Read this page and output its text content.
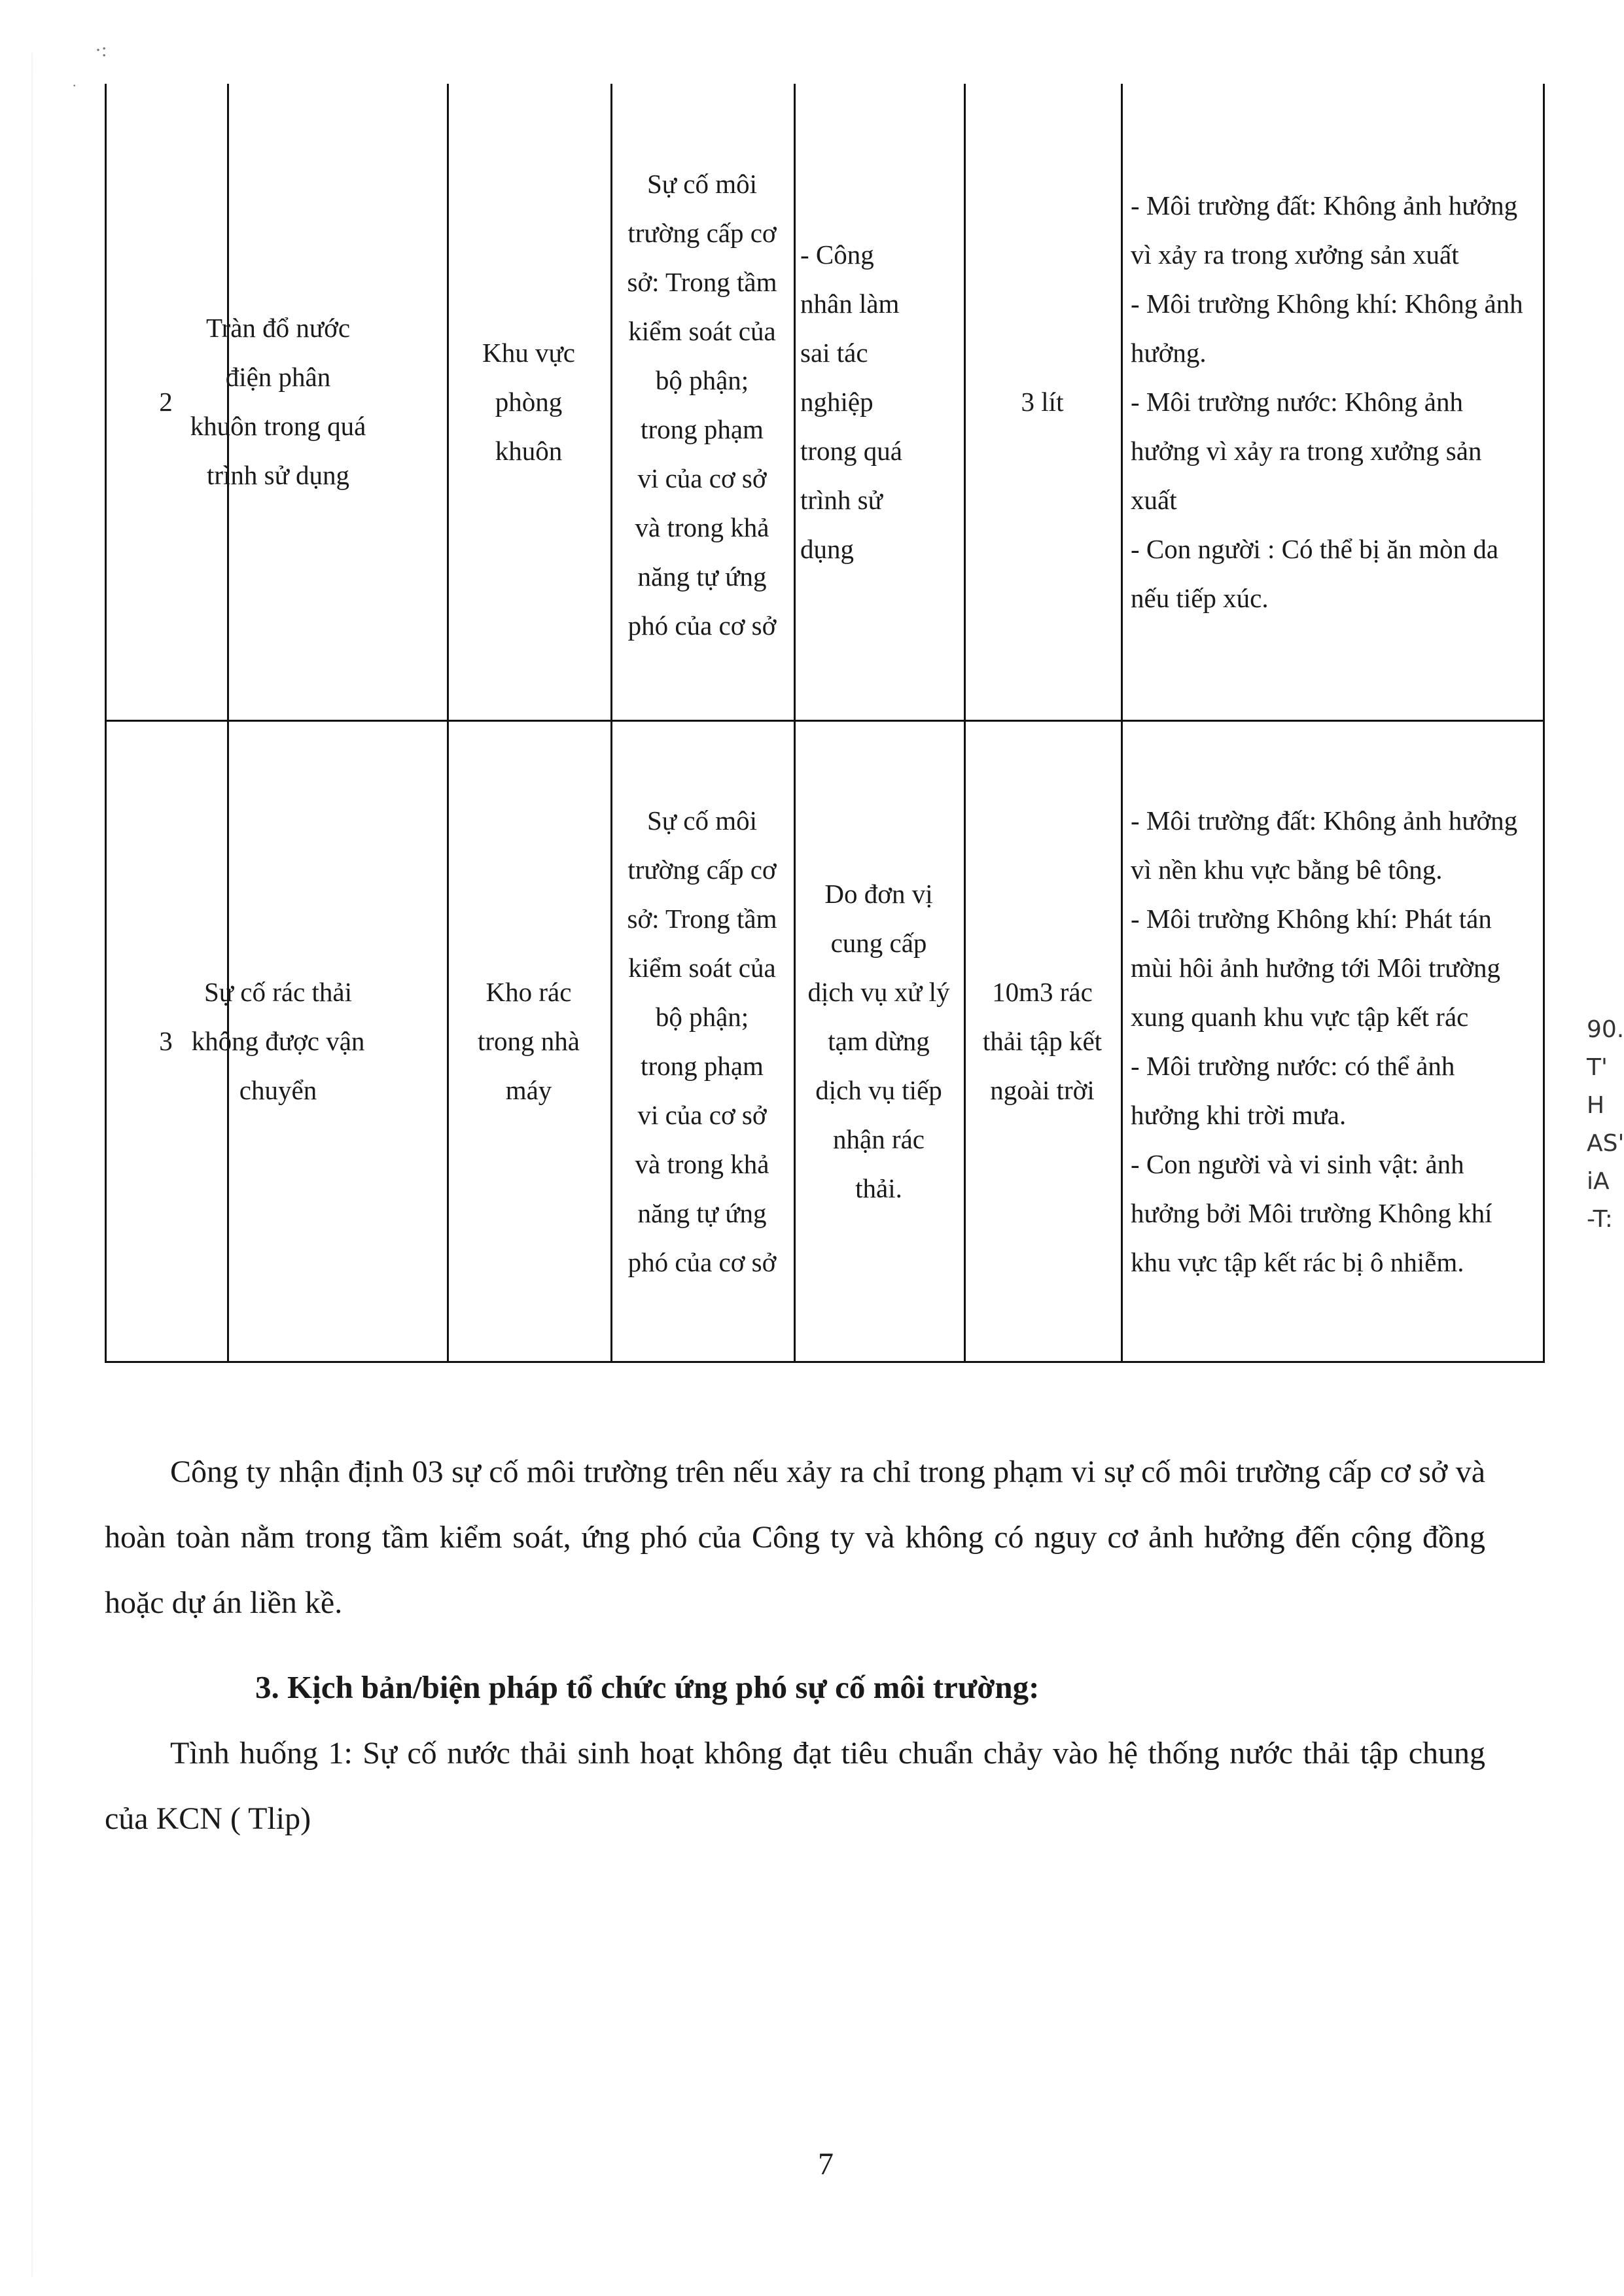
·:
·
2
Tràn đổ nước điện phân khuôn trong quá trình sử dụng
Khu vực phòng khuôn
Sự cố môi trường cấp cơ sở: Trong tầm kiểm soát của bộ phận; trong phạm vi của cơ sở và trong khả năng tự ứng phó của cơ sở
- Công nhân làm sai tác nghiệp trong quá trình sử dụng
3 lít
- Môi trường đất: Không ảnh hưởng vì xảy ra trong xưởng sản xuất
- Môi trường Không khí: Không ảnh hưởng.
- Môi trường nước: Không ảnh hưởng vì xảy ra trong xưởng sản xuất
- Con người : Có thể bị ăn mòn da nếu tiếp xúc.
3
Sự cố rác thải không được vận chuyển
Kho rác trong nhà máy
Sự cố môi trường cấp cơ sở: Trong tầm kiểm soát của bộ phận; trong phạm vi của cơ sở và trong khả năng tự ứng phó của cơ sở
Do đơn vị cung cấp dịch vụ xử lý tạm dừng dịch vụ tiếp nhận rác thải.
10m3 rác thải tập kết ngoài trời
- Môi trường đất: Không ảnh hưởng vì nền khu vực bằng bê tông.
- Môi trường Không khí: Phát tán mùi hôi ảnh hưởng tới Môi trường xung quanh khu vực tập kết rác
- Môi trường nước: có thể ảnh hưởng khi trời mưa.
- Con người và vi sinh vật: ảnh hưởng bởi Môi trường Không khí khu vực tập kết rác bị ô nhiễm.

Công ty nhận định 03 sự cố môi trường trên nếu xảy ra chỉ trong phạm vi sự cố môi trường cấp cơ sở và hoàn toàn nằm trong tầm kiểm soát, ứng phó của Công ty và không có nguy cơ ảnh hưởng đến cộng đồng hoặc dự án liền kề.

3. Kịch bản/biện pháp tổ chức ứng phó sự cố môi trường:

Tình huống 1: Sự cố nước thải sinh hoạt không đạt tiêu chuẩn chảy vào hệ thống nước thải tập chung của KCN ( Tlip)

7
90.
T'
H
AS'
iA
-T:
